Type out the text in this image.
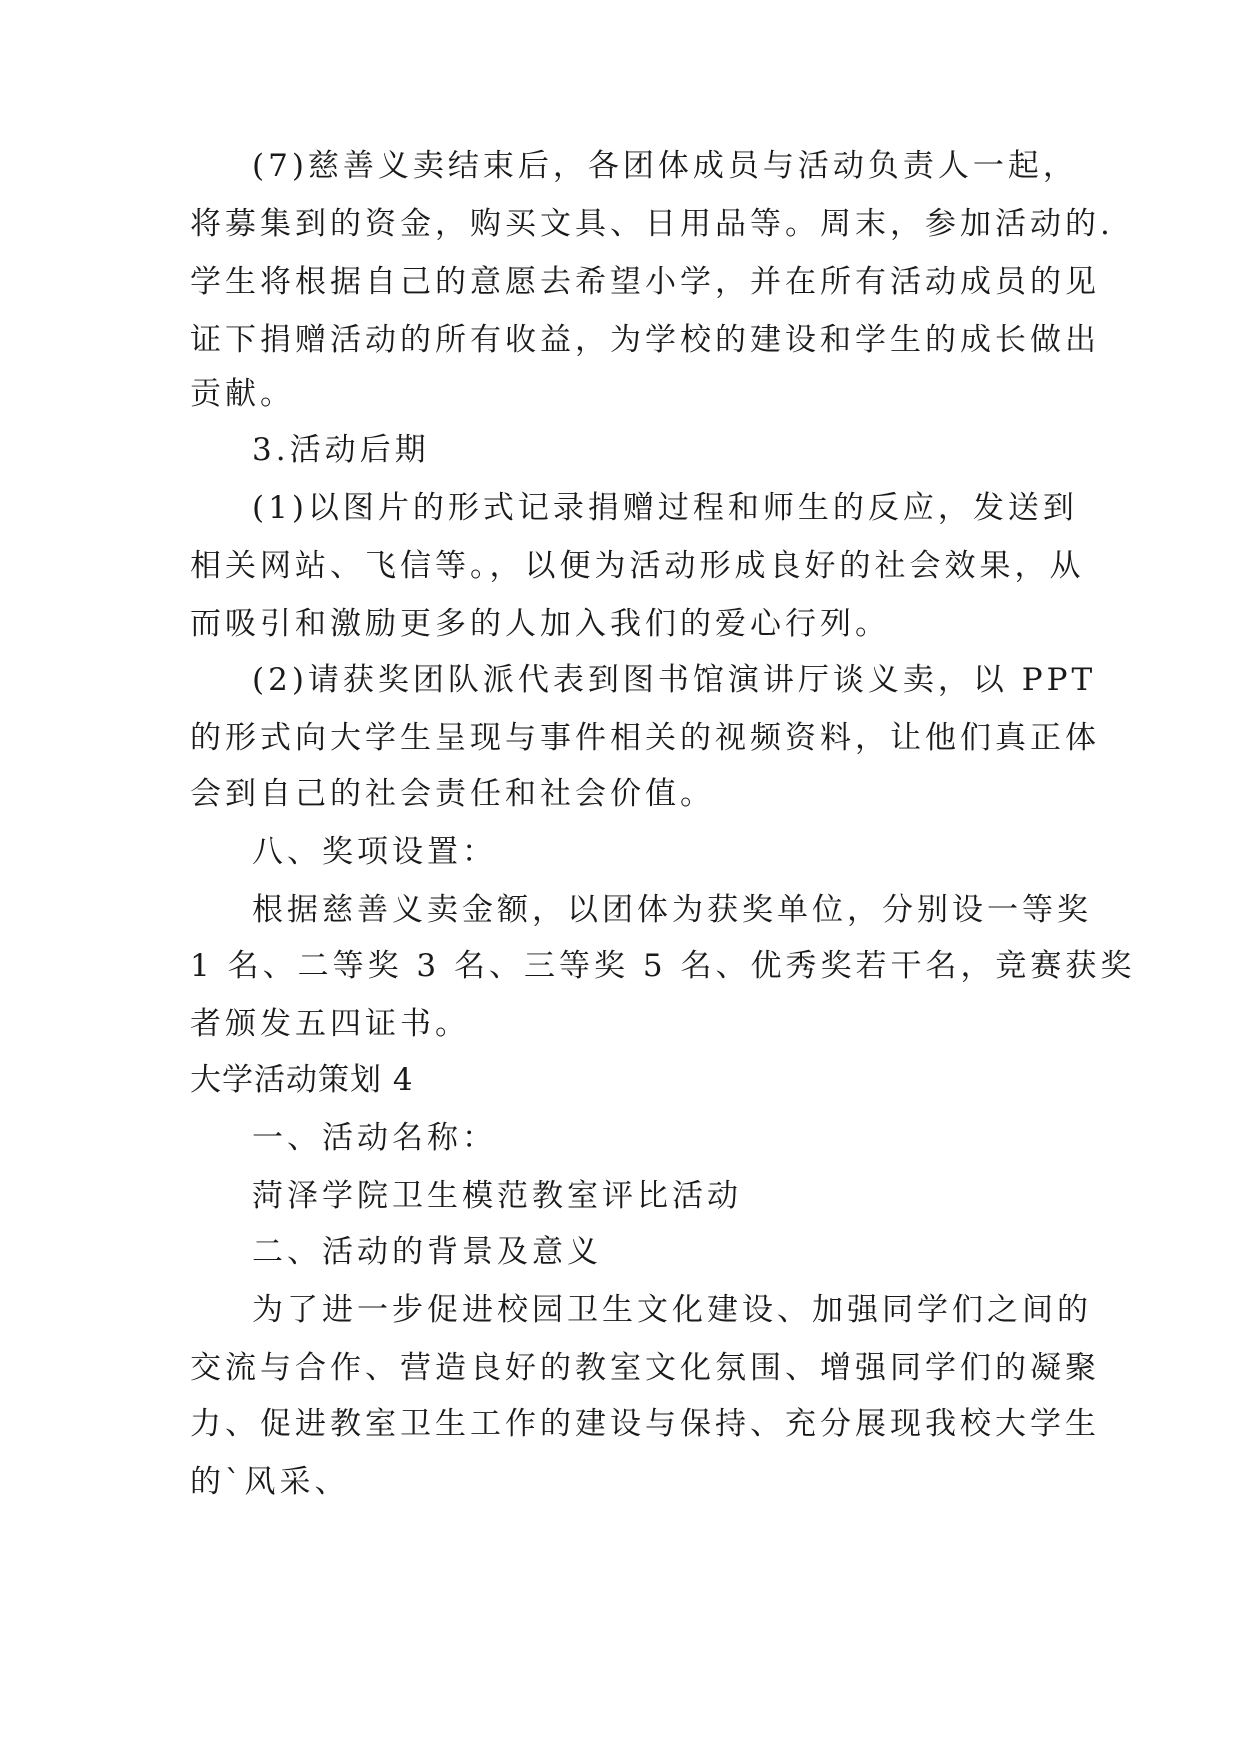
(7)慈善义卖结束后，各团体成员与活动负责人一起，
将募集到的资金，购买文具、日用品等。周末，参加活动的.
学生将根据自己的意愿去希望小学，并在所有活动成员的见
证下捐赠活动的所有收益，为学校的建设和学生的成长做出
贡献。
3.活动后期
(1)以图片的形式记录捐赠过程和师生的反应，发送到
相关网站、飞信等。，以便为活动形成良好的社会效果，从
而吸引和激励更多的人加入我们的爱心行列。
(2)请获奖团队派代表到图书馆演讲厅谈义卖，以 PPT
的形式向大学生呈现与事件相关的视频资料，让他们真正体
会到自己的社会责任和社会价值。
八、奖项设置：
根据慈善义卖金额，以团体为获奖单位，分别设一等奖
1 名、二等奖 3 名、三等奖 5 名、优秀奖若干名，竞赛获奖
者颁发五四证书。
大学活动策划 4
一、活动名称：
菏泽学院卫生模范教室评比活动
二、活动的背景及意义
为了进一步促进校园卫生文化建设、加强同学们之间的
交流与合作、营造良好的教室文化氛围、增强同学们的凝聚
力、促进教室卫生工作的建设与保持、充分展现我校大学生
的`风采、
